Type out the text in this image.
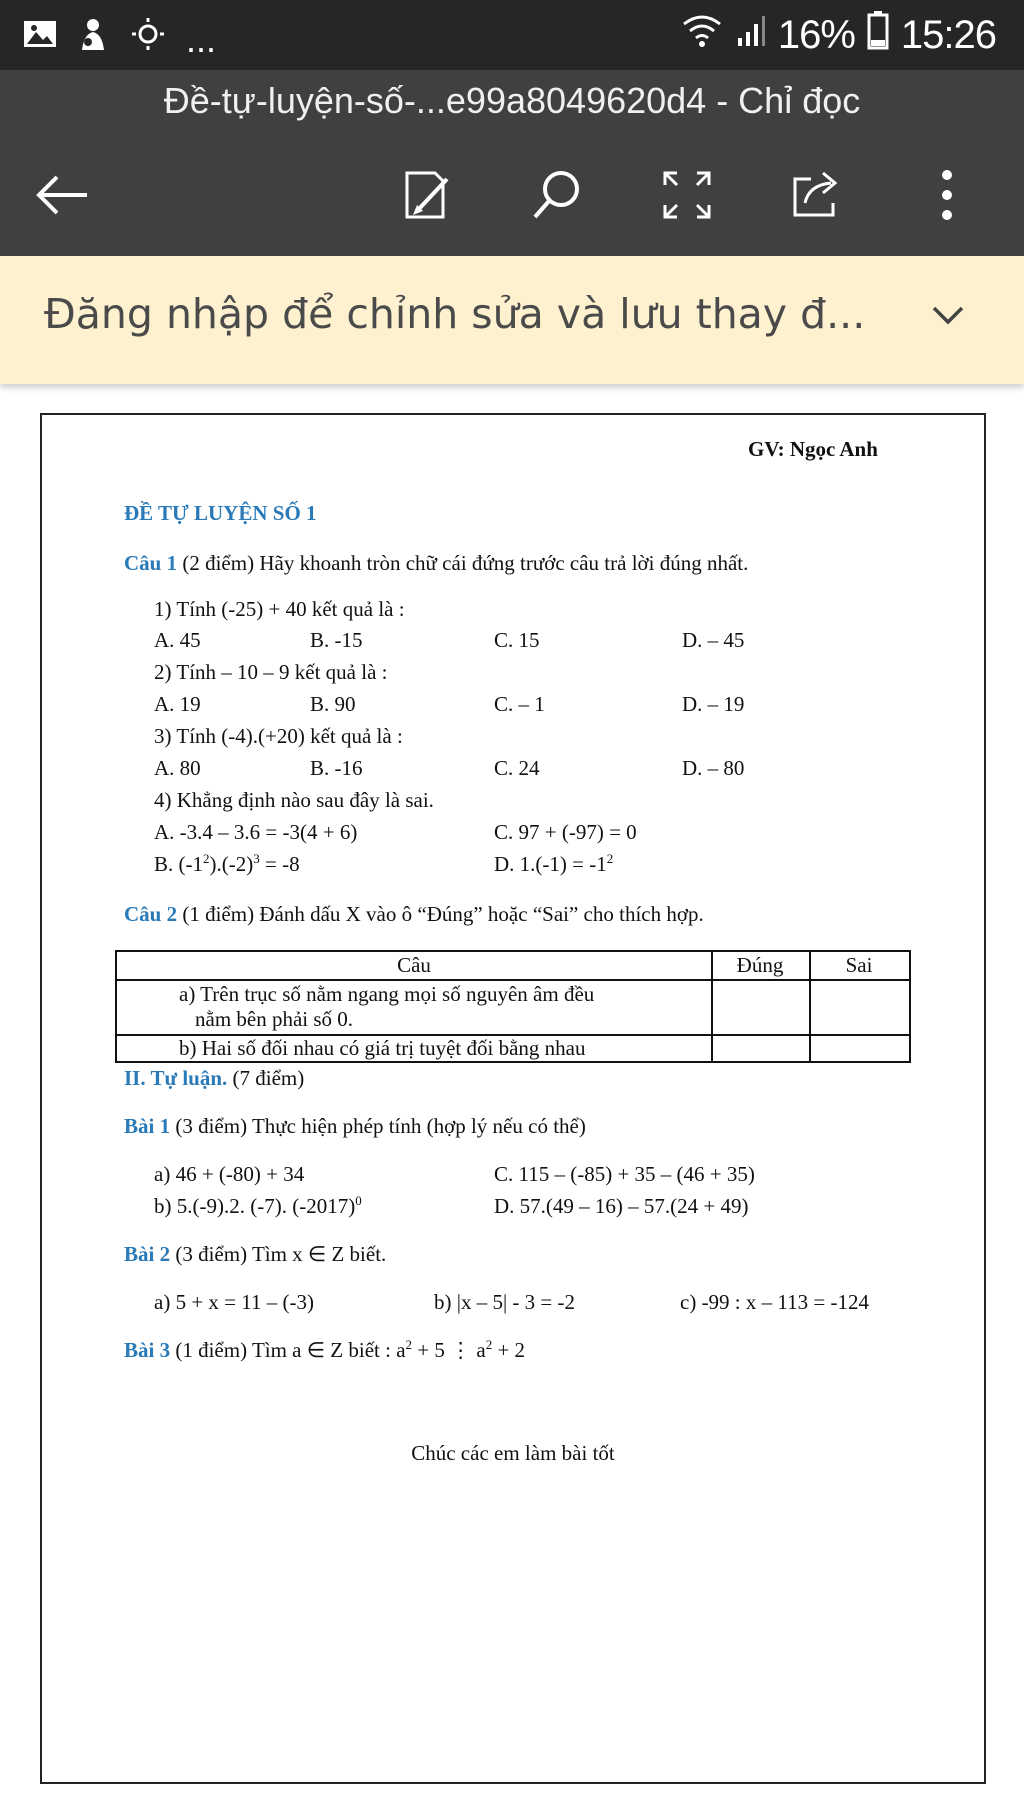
...	16% 15:26
Đề-tự-luyện-số-...e99a8049620d4 - Chỉ đọc
Đăng nhập để chỉnh sửa và lưu thay đ...
GV: Ngọc Anh
ĐỀ TỰ LUYỆN SỐ 1
Câu 1 (2 điểm) Hãy khoanh tròn chữ cái đứng trước câu trả lời đúng nhất.
1) Tính (-25) + 40 kết quả là :
A. 45	B. -15	C. 15	D. – 45
2) Tính – 10 – 9 kết quả là :
A. 19	B. 90	C. – 1	D. – 19
3) Tính (-4).(+20) kết quả là :
A. 80	B. -16	C. 24	D. – 80
4) Khẳng định nào sau đây là sai.
A. -3.4 – 3.6 = -3(4 + 6)	C. 97 + (-97) = 0
B. $(-1^2).(-2)^3 = -8$	D. $1.(-1) = -1^2$
Câu 2 (1 điểm) Đánh dấu X vào ô “Đúng” hoặc “Sai” cho thích hợp.
Câu	Đúng	Sai
a) Trên trục số nằm ngang mọi số nguyên âm đều
nằm bên phải số 0.
b) Hai số đối nhau có giá trị tuyệt đối bằng nhau
II. Tự luận. (7 điểm)
Bài 1 (3 điểm) Thực hiện phép tính (hợp lý nếu có thể)
a) 46 + (-80) + 34	C. 115 – (-85) + 35 – (46 + 35)
b) 5.(-9).2. (-7). $(-2017)^0$	D. 57.(49 – 16) – 57.(24 + 49)
Bài 2 (3 điểm) Tìm x ∈ Z biết.
a) 5 + x = 11 – (-3)	b) |x – 5| - 3 = -2	c) -99 : x – 113 = -124
Bài 3 (1 điểm) Tìm a ∈ Z biết : $a^2 + 5$ ⋮ $a^2 + 2$
Chúc các em làm bài tốt
